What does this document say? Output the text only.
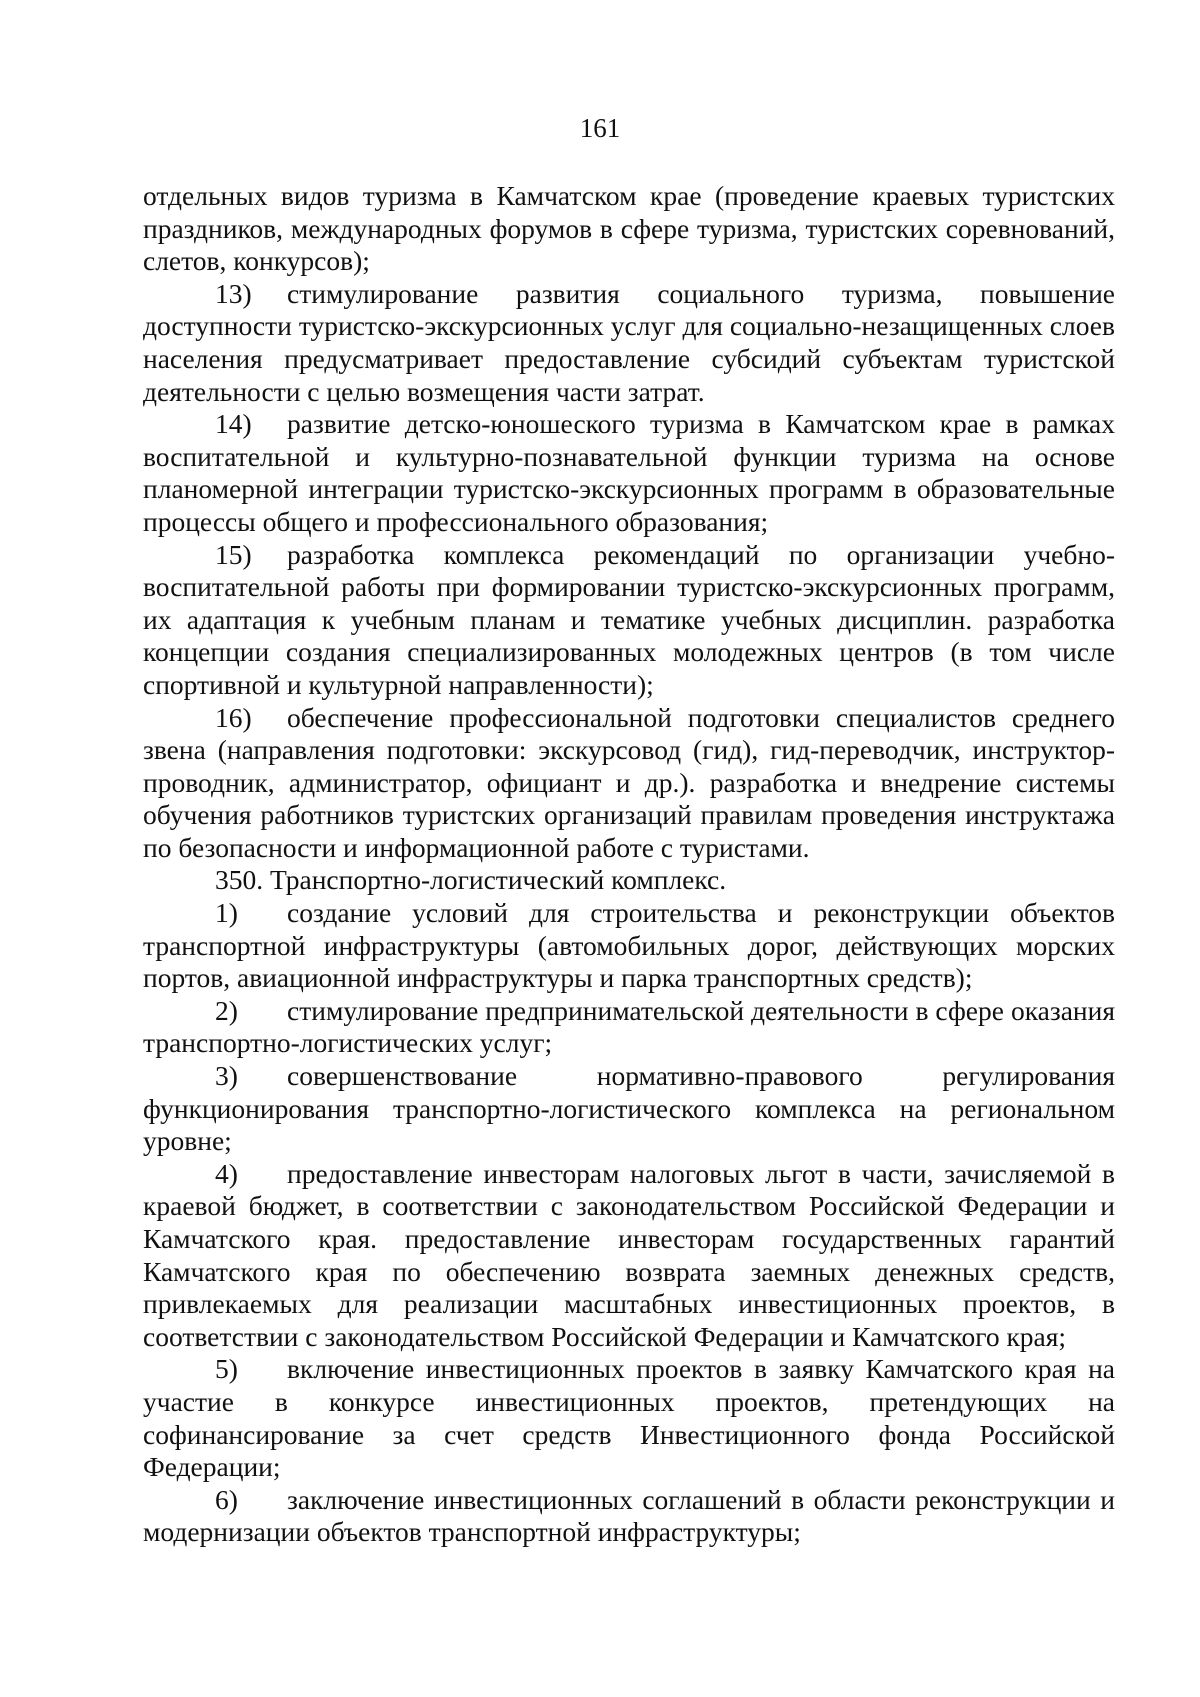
161

отдельных видов туризма в Камчатском крае (проведение краевых туристских праздников, международных форумов в сфере туризма, туристских соревнований, слетов, конкурсов);

13) стимулирование развития социального туризма, повышение доступности туристско-экскурсионных услуг для социально-незащищенных слоев населения предусматривает предоставление субсидий субъектам туристской деятельности с целью возмещения части затрат.

14) развитие детско-юношеского туризма в Камчатском крае в рамках воспитательной и культурно-познавательной функции туризма на основе планомерной интеграции туристско-экскурсионных программ в образовательные процессы общего и профессионального образования;

15) разработка комплекса рекомендаций по организации учебно-воспитательной работы при формировании туристско-экскурсионных программ, их адаптация к учебным планам и тематике учебных дисциплин. разработка концепции создания специализированных молодежных центров (в том числе спортивной и культурной направленности);

16) обеспечение профессиональной подготовки специалистов среднего звена (направления подготовки: экскурсовод (гид), гид-переводчик, инструктор-проводник, администратор, официант и др.). разработка и внедрение системы обучения работников туристских организаций правилам проведения инструктажа по безопасности и информационной работе с туристами.

350. Транспортно-логистический комплекс.

1) создание условий для строительства и реконструкции объектов транспортной инфраструктуры (автомобильных дорог, действующих морских портов, авиационной инфраструктуры и парка транспортных средств);

2) стимулирование предпринимательской деятельности в сфере оказания транспортно-логистических услуг;

3) совершенствование нормативно-правового регулирования функционирования транспортно-логистического комплекса на региональном уровне;

4) предоставление инвесторам налоговых льгот в части, зачисляемой в краевой бюджет, в соответствии с законодательством Российской Федерации и Камчатского края. предоставление инвесторам государственных гарантий Камчатского края по обеспечению возврата заемных денежных средств, привлекаемых для реализации масштабных инвестиционных проектов, в соответствии с законодательством Российской Федерации и Камчатского края;

5) включение инвестиционных проектов в заявку Камчатского края на участие в конкурсе инвестиционных проектов, претендующих на софинансирование за счет средств Инвестиционного фонда Российской Федерации;

6) заключение инвестиционных соглашений в области реконструкции и модернизации объектов транспортной инфраструктуры;
